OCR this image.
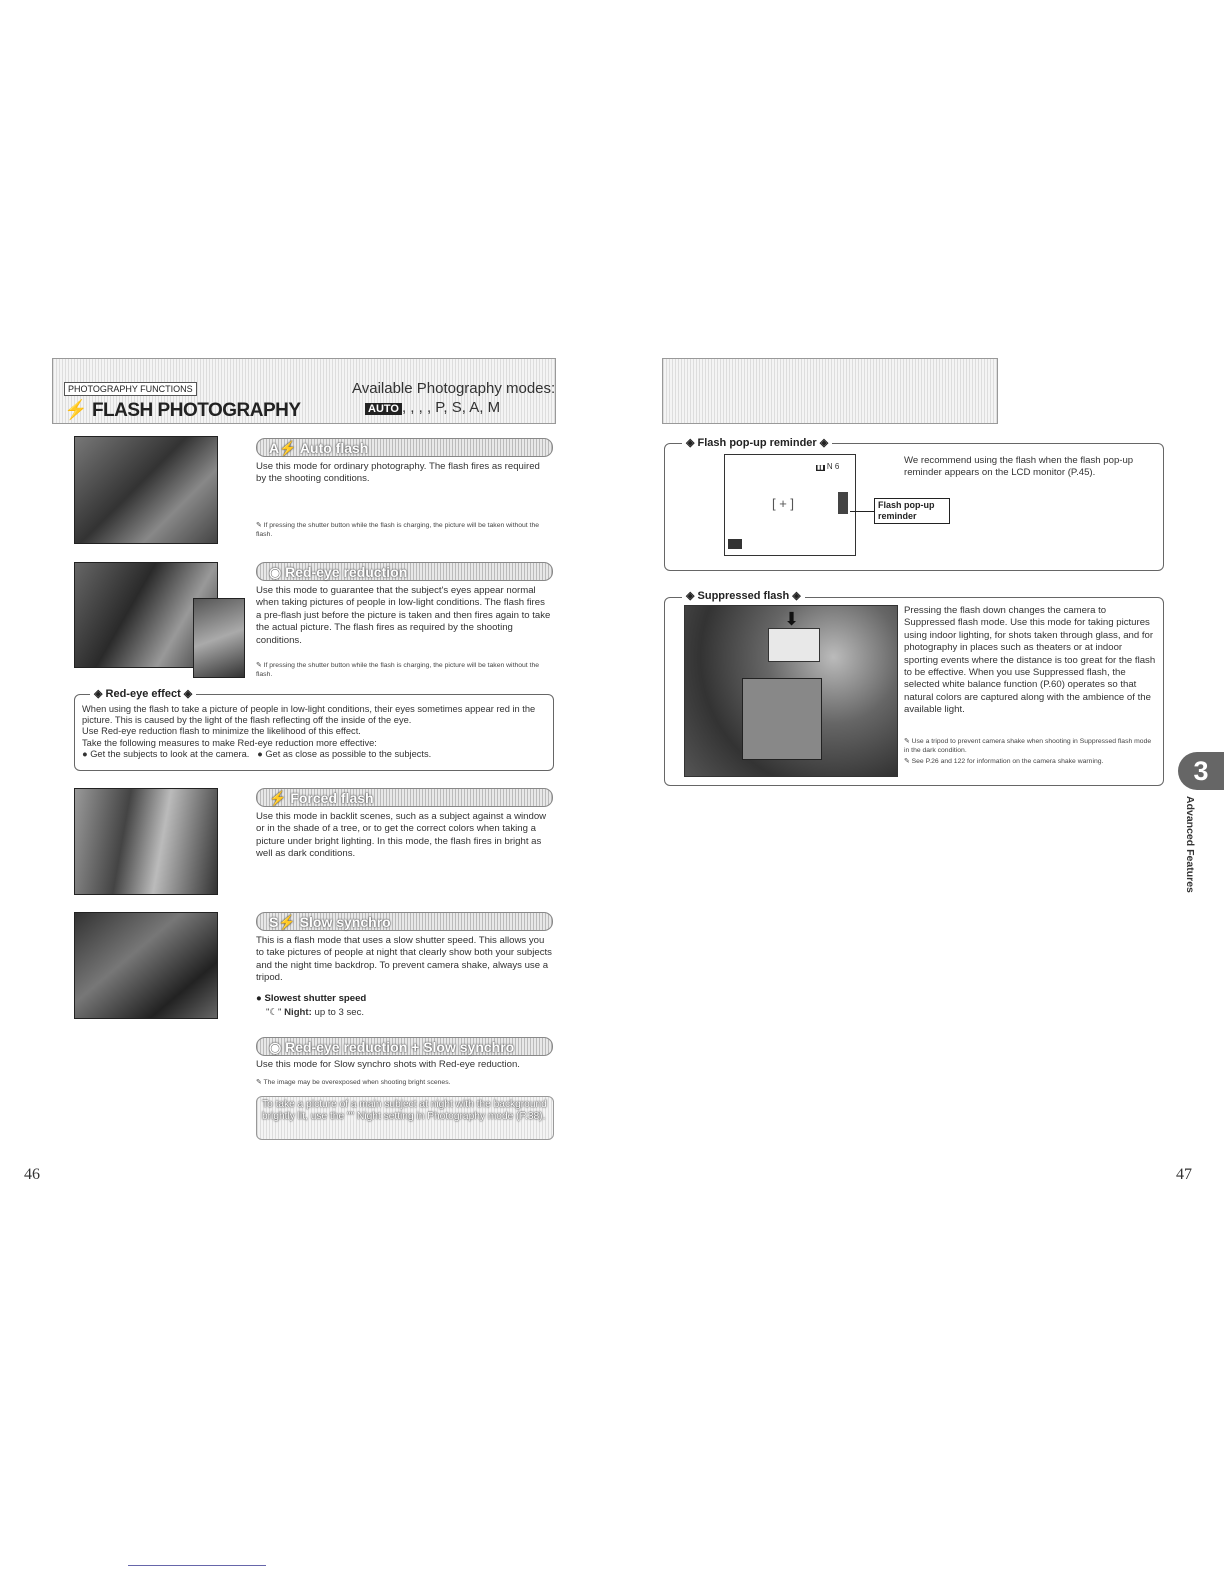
PHOTOGRAPHY FUNCTIONS
⚡ FLASH PHOTOGRAPHY
Available Photography modes:
AUTO , , , , P, S, A, M
A⚡ Auto flash
Use this mode for ordinary photography. The flash fires as required by the shooting conditions.
✎ If pressing the shutter button while the flash is charging, the picture will be taken without the flash.
◉ Red-eye reduction
Use this mode to guarantee that the subject's eyes appear normal when taking pictures of people in low-light conditions. The flash fires a pre-flash just before the picture is taken and then fires again to take the actual picture. The flash fires as required by the shooting conditions.
✎ If pressing the shutter button while the flash is charging, the picture will be taken without the flash.
◈ Red-eye effect ◈
When using the flash to take a picture of people in low-light conditions, their eyes sometimes appear red in the picture. This is caused by the light of the flash reflecting off the inside of the eye.
Use Red-eye reduction flash to minimize the likelihood of this effect.
Take the following measures to make Red-eye reduction more effective:
● Get the subjects to look at the camera.   ● Get as close as possible to the subjects.
⚡ Forced flash
Use this mode in backlit scenes, such as a subject against a window or in the shade of a tree, or to get the correct colors when taking a picture under bright lighting. In this mode, the flash fires in bright as well as dark conditions.
S⚡ Slow synchro
This is a flash mode that uses a slow shutter speed. This allows you to take pictures of people at night that clearly show both your subjects and the night time backdrop. To prevent camera shake, always use a tripod.
● Slowest shutter speed
"☾" Night: up to 3 sec.
◉ Red-eye reduction + Slow synchro
Use this mode for Slow synchro shots with Red-eye reduction.
✎ The image may be overexposed when shooting bright scenes.
To take a picture of a main subject at night with the background brightly lit, use the "" Night setting in Photography mode (P.38).
46
◈ Flash pop-up reminder ◈
▮▮ N 6
[ + ]	Flash pop-up reminder
We recommend using the flash when the flash pop-up reminder appears on the LCD monitor (P.45).
◈ Suppressed flash ◈
⬇	Pressing the flash down changes the camera to Suppressed flash mode. Use this mode for taking pictures using indoor lighting, for shots taken through glass, and for photography in places such as theaters or at indoor sporting events where the distance is too great for the flash to be effective. When you use Suppressed flash, the selected white balance function (P.60) operates so that natural colors are captured along with the ambience of the available light.
✎ Use a tripod to prevent camera shake when shooting in Suppressed flash mode in the dark condition.
✎ See P.26 and 122 for information on the camera shake warning.	3
Advanced Features
47
